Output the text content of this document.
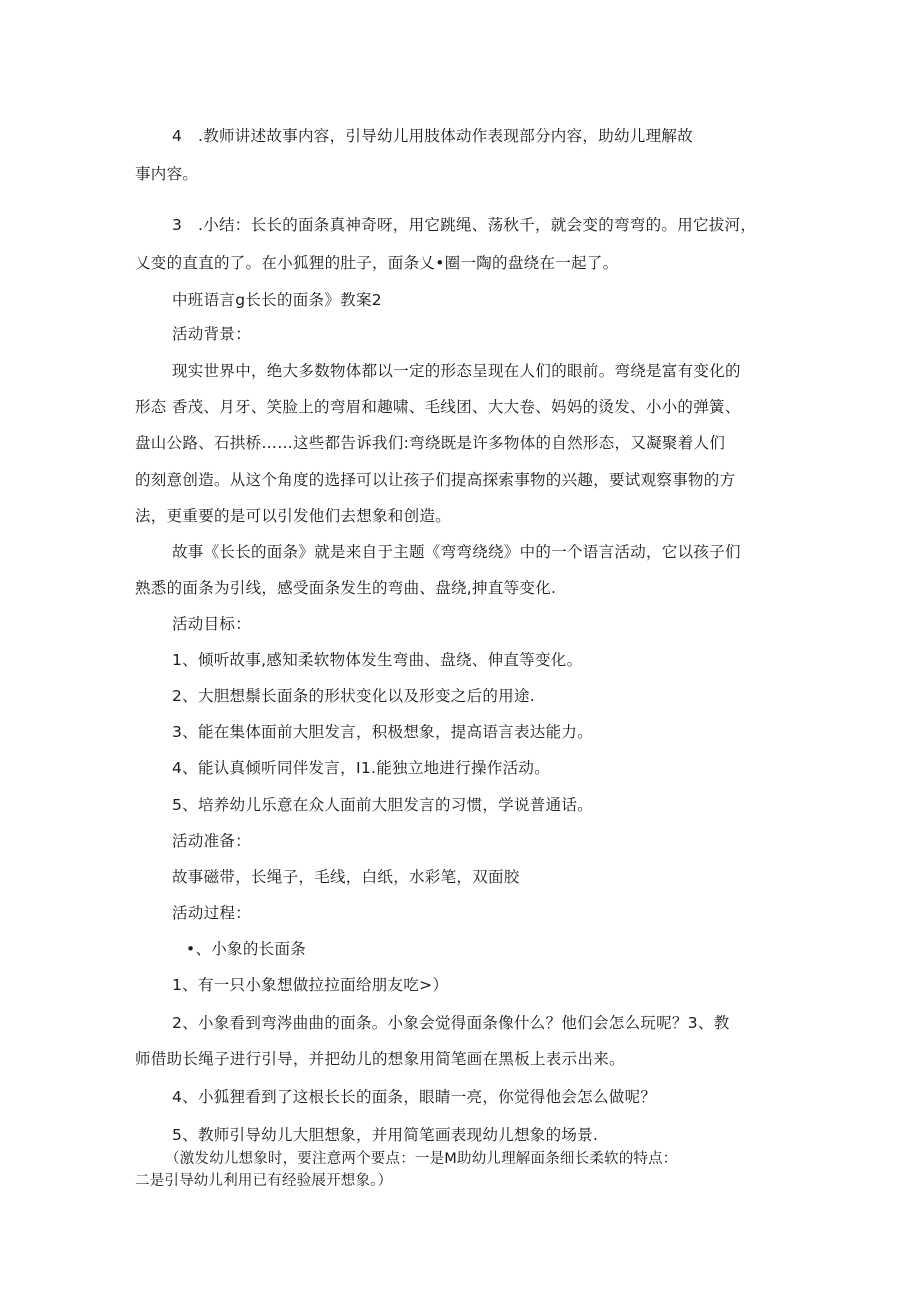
4　.教师讲述故事内容，引导幼儿用肢体动作表现部分内容，助幼儿理解故
事内容。
3　.小结：长长的面条真神奇呀，用它跳绳、荡秋千，就会变的弯弯的。用它拔河，
乂变的直直的了。在小狐狸的肚子，面条乂•圈一陶的盘绕在一起了。
中班语言g长长的面条》教案2
活动背景：
现实世界中，绝大多数物体都以一定的形态呈现在人们的眼前。弯绕是富有变化的
形态 香茂、月牙、笑脸上的弯眉和趣啸、毛线团、大大卷、妈妈的烫发、小小的弹簧、
盘山公路、石拱桥……这些都告诉我们:弯绕既是许多物体的自然形态，又凝聚着人们
的刻意创造。从这个角度的选择可以让孩子们提高探索事物的兴趣，要试观察事物的方
法，更重要的是可以引发他们去想象和创造。
故事《长长的面条》就是来自于主题《弯弯绕绕》中的一个语言活动，它以孩子们
熟悉的面条为引线，感受面条发生的弯曲、盘绕,抻直等变化.
活动目标：
1、倾听故事,感知柔软物体发生弯曲、盘绕、伸直等变化。
2、大胆想鬃长面条的形状变化以及形变之后的用途.
3、能在集体面前大胆发言，积极想象，提高语言表达能力。
4、能认真倾听同伴发言，I1.能独立地进行操作活动。
5、培养幼儿乐意在众人面前大胆发言的习惯，学说普通话。
活动准备：
故事磁带，长绳子，毛线，白纸，水彩笔，双面胶
活动过程：
•、小象的长面条
1、有一只小象想做拉拉面给朋友吃>）
2、小象看到弯涔曲曲的面条。小象会觉得面条像什么？他们会怎么玩呢？3、教
师借助长绳子进行引导，并把幼儿的想象用简笔画在黑板上表示出来。
4、小狐狸看到了这根长长的面条，眼睛一亮，你觉得他会怎么做呢？
5、教师引导幼儿大胆想象，并用简笔画表现幼儿想象的场景.
（激发幼儿想象时，要注意两个要点：一是M助幼儿理解面条细长柔软的特点：
二是引导幼儿利用已有经验展开想象。）
